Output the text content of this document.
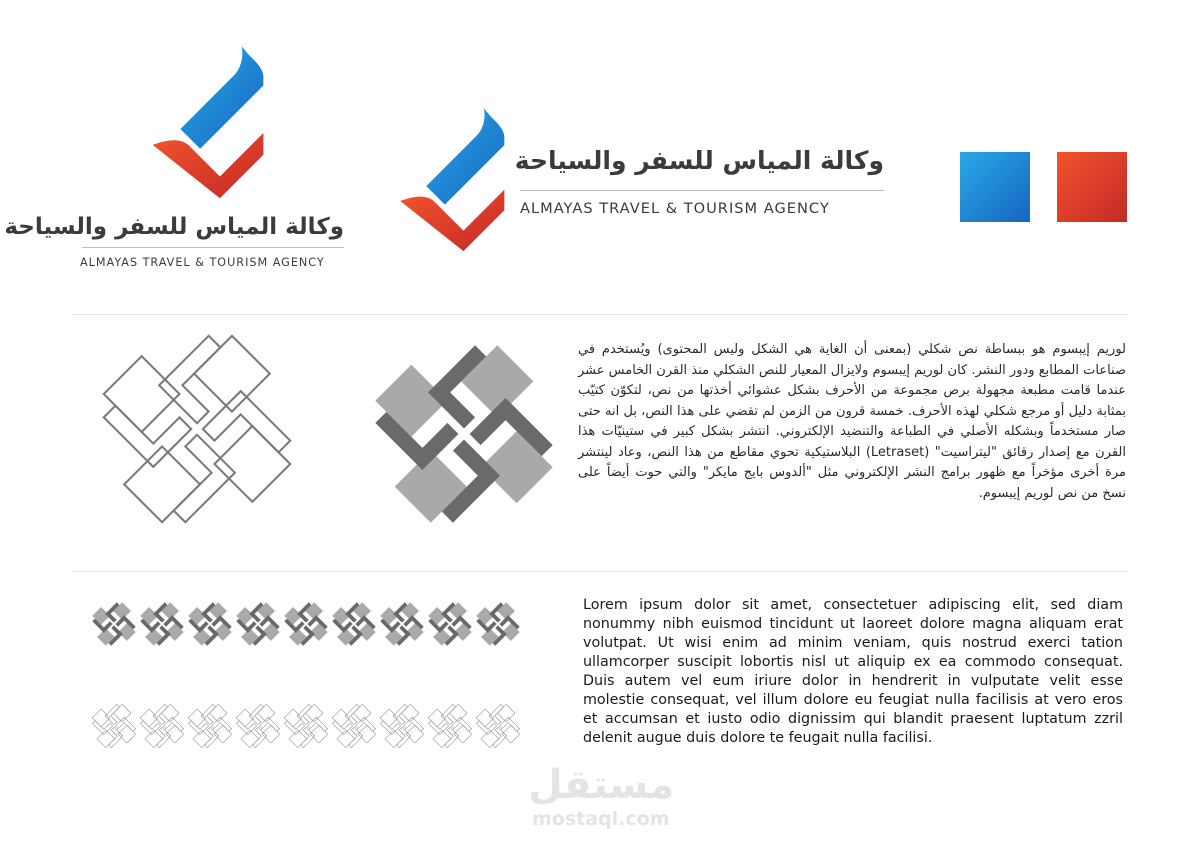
وكالة المياس للسفر والسياحة
ALMAYAS TRAVEL & TOURISM AGENCY
وكالة المياس للسفر والسياحة
ALMAYAS TRAVEL & TOURISM AGENCY
لوريم إيبسوم هو ببساطة نص شكلي (بمعنى أن الغاية هي الشكل وليس المحتوى) ويُستخدم في صناعات المطابع ودور النشر. كان لوريم إيبسوم ولايزال المعيار للنص الشكلي منذ القرن الخامس عشر عندما قامت مطبعة مجهولة برص مجموعة من الأحرف بشكل عشوائي أخذتها من نص، لتكوّن كتيّب بمثابة دليل أو مرجع شكلي لهذه الأحرف. خمسة قرون من الزمن لم تقضي على هذا النص، بل انه حتى صار مستخدماً وبشكله الأصلي في الطباعة والتنضيد الإلكتروني. انتشر بشكل كبير في ستينيّات هذا القرن مع إصدار رقائق "ليتراسيت" (Letraset) البلاستيكية تحوي مقاطع من هذا النص، وعاد لينتشر مرة أخرى مؤخراً مع ظهور برامج النشر الإلكتروني مثل "ألدوس بايج مايكر" والتي حوت أيضاً على نسخ من نص لوريم إيبسوم.
Lorem ipsum dolor sit amet, consectetuer adipiscing elit, sed diam nonummy nibh euismod tincidunt ut laoreet dolore magna aliquam erat volutpat. Ut wisi enim ad minim veniam, quis nostrud exerci tation ullamcorper suscipit lobortis nisl ut aliquip ex ea commodo consequat. Duis autem vel eum iriure dolor in hendrerit in vulputate velit esse molestie consequat, vel illum dolore eu feugiat nulla facilisis at vero eros et accumsan et iusto odio dignissim qui blandit praesent luptatum zzril delenit augue duis dolore te feugait nulla facilisi.
مستقل
mostaql.com
